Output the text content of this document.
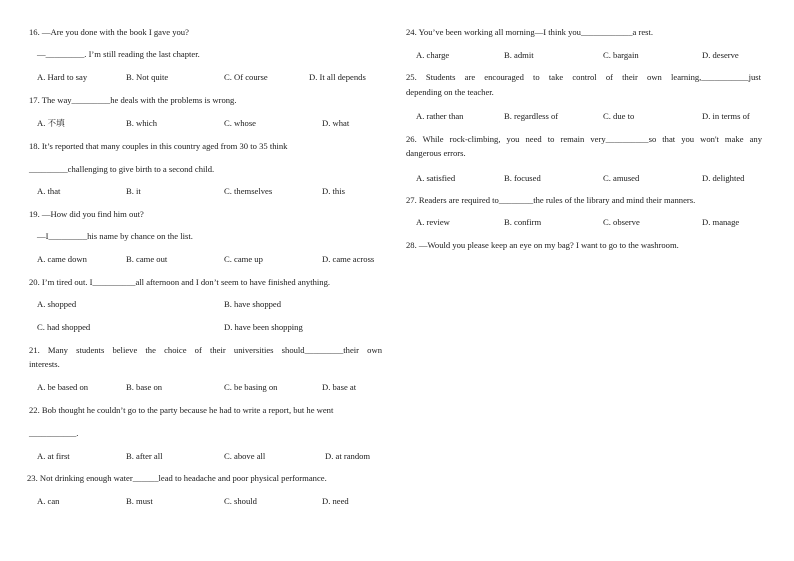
16. —Are you done with the book I gave you?
—_________. I’m still reading the last chapter.
A. Hard to say	B. Not quite	C. Of course	D. It all depends
17. The way_________he deals with the problems is wrong.
A. 不填	B. which	C. whose	D. what
18. It’s reported that many couples in this country aged from 30 to 35 think
_________challenging to give birth to a second child.
A. that	B. it	C. themselves	D. this
19. —How did you find him out?
—I_________his name by chance on the list.
A. came down	B. came out	C. came up	D. came across
20. I’m tired out. I__________all afternoon and I don’t seem to have finished anything.
A. shopped	B. have shopped
C. had shopped	D. have been shopping
21. Many students believe the choice of their universities should_________their own
interests.
A. be based on	B. base on	C. be basing on	D. base at
22. Bob thought he couldn’t go to the party because he had to write a report, but he went
___________.
A. at first	B. after all	C. above all	D. at random
23. Not drinking enough water______lead to headache and poor physical performance.
A. can	B. must	C. should	D. need
24. You’ve been working all morning—I think you____________a rest.
A. charge	B. admit	C. bargain	D. deserve
25. Students are encouraged to take control of their own learning,___________just
depending on the teacher.
A. rather than	B. regardless of	C. due to	D. in terms of
26. While rock-climbing, you need to remain very__________so that you won't make any
dangerous errors.
A. satisfied	B. focused	C. amused	D. delighted
27. Readers are required to________the rules of the library and mind their manners.
A. review	B. confirm	C. observe	D. manage
28. —Would you please keep an eye on my bag? I want to go to the washroom.
